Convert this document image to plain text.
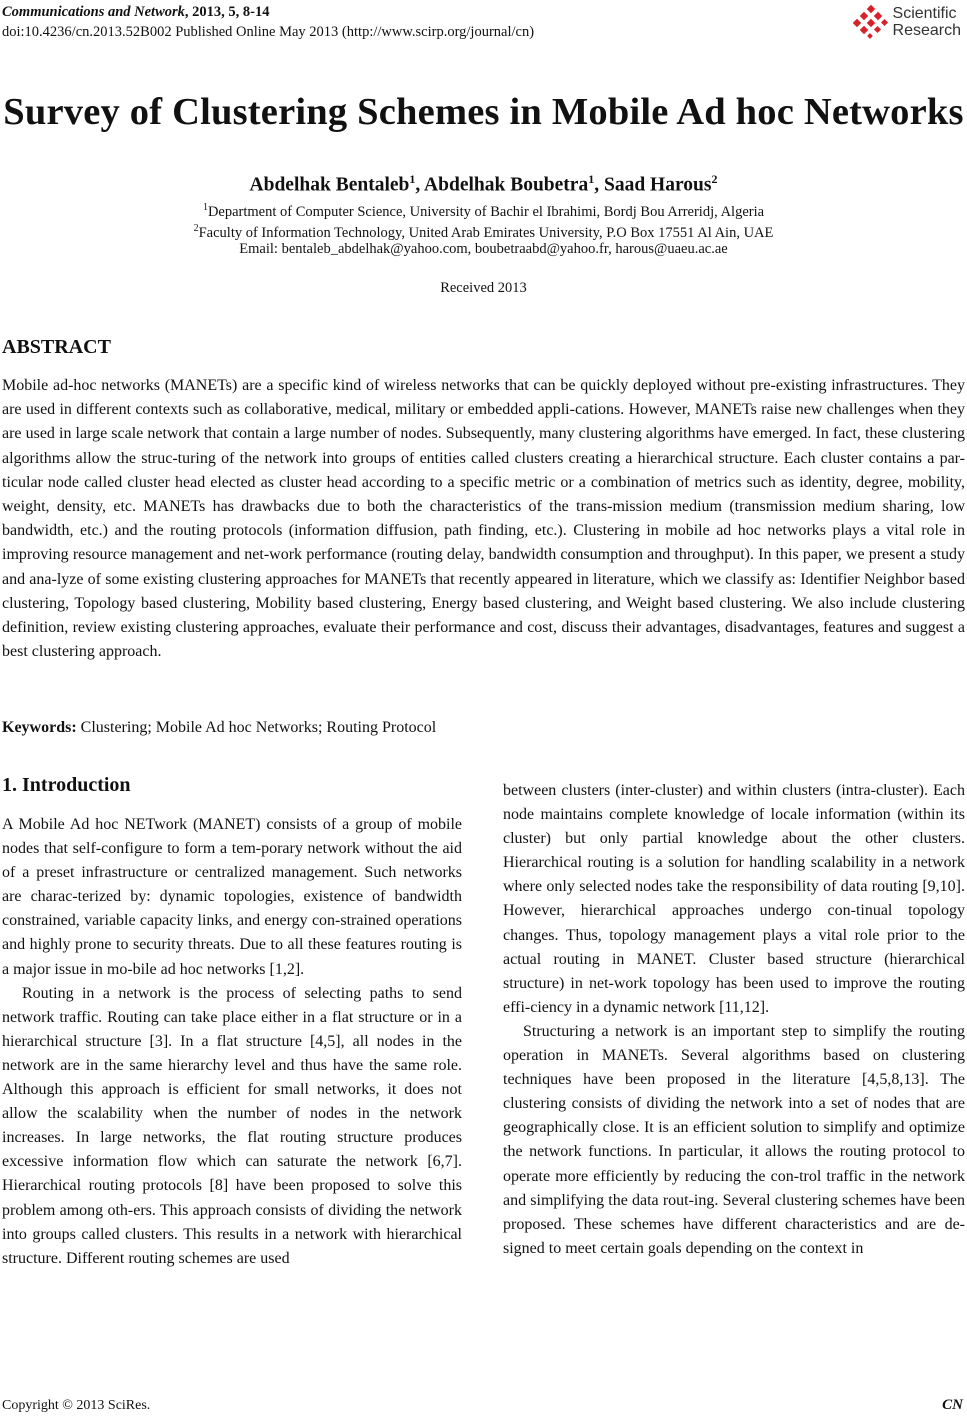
Communications and Network, 2013, 5, 8-14
doi:10.4236/cn.2013.52B002 Published Online May 2013 (http://www.scirp.org/journal/cn)
Scientific
Research
Survey of Clustering Schemes in Mobile Ad hoc Networks
Abdelhak Bentaleb$^1$, Abdelhak Boubetra$^1$, Saad Harous$^2$
$^1$Department of Computer Science, University of Bachir el Ibrahimi, Bordj Bou Arreridj, Algeria
$^2$Faculty of Information Technology, United Arab Emirates University, P.O Box 17551 Al Ain, UAE
Email: bentaleb_abdelhak@yahoo.com, boubetraabd@yahoo.fr, harous@uaeu.ac.ae
Received 2013
ABSTRACT
Mobile ad-hoc networks (MANETs) are a specific kind of wireless networks that can be quickly deployed without pre-existing infrastructures. They are used in different contexts such as collaborative, medical, military or embedded appli-cations. However, MANETs raise new challenges when they are used in large scale network that contain a large number of nodes. Subsequently, many clustering algorithms have emerged. In fact, these clustering algorithms allow the struc-turing of the network into groups of entities called clusters creating a hierarchical structure. Each cluster contains a par-ticular node called cluster head elected as cluster head according to a specific metric or a combination of metrics such as identity, degree, mobility, weight, density, etc. MANETs has drawbacks due to both the characteristics of the trans-mission medium (transmission medium sharing, low bandwidth, etc.) and the routing protocols (information diffusion, path finding, etc.). Clustering in mobile ad hoc networks plays a vital role in improving resource management and net-work performance (routing delay, bandwidth consumption and throughput). In this paper, we present a study and ana-lyze of some existing clustering approaches for MANETs that recently appeared in literature, which we classify as: Identifier Neighbor based clustering, Topology based clustering, Mobility based clustering, Energy based clustering, and Weight based clustering. We also include clustering definition, review existing clustering approaches, evaluate their performance and cost, discuss their advantages, disadvantages, features and suggest a best clustering approach.
Keywords: Clustering; Mobile Ad hoc Networks; Routing Protocol
1. Introduction

A Mobile Ad hoc NETwork (MANET) consists of a group of mobile nodes that self-configure to form a tem-porary network without the aid of a preset infrastructure or centralized management. Such networks are charac-terized by: dynamic topologies, existence of bandwidth constrained, variable capacity links, and energy con-strained operations and highly prone to security threats. Due to all these features routing is a major issue in mo-bile ad hoc networks [1,2].

Routing in a network is the process of selecting paths to send network traffic. Routing can take place either in a flat structure or in a hierarchical structure [3]. In a flat structure [4,5], all nodes in the network are in the same hierarchy level and thus have the same role. Although this approach is efficient for small networks, it does not allow the scalability when the number of nodes in the network increases. In large networks, the flat routing structure produces excessive information flow which can saturate the network [6,7]. Hierarchical routing protocols [8] have been proposed to solve this problem among oth-ers. This approach consists of dividing the network into groups called clusters. This results in a network with hierarchical structure. Different routing schemes are used

between clusters (inter-cluster) and within clusters (intra-cluster). Each node maintains complete knowledge of locale information (within its cluster) but only partial knowledge about the other clusters. Hierarchical routing is a solution for handling scalability in a network where only selected nodes take the responsibility of data routing [9,10]. However, hierarchical approaches undergo con-tinual topology changes. Thus, topology management plays a vital role prior to the actual routing in MANET. Cluster based structure (hierarchical structure) in net-work topology has been used to improve the routing effi-ciency in a dynamic network [11,12].

Structuring a network is an important step to simplify the routing operation in MANETs. Several algorithms based on clustering techniques have been proposed in the literature [4,5,8,13]. The clustering consists of dividing the network into a set of nodes that are geographically close. It is an efficient solution to simplify and optimize the network functions. In particular, it allows the routing protocol to operate more efficiently by reducing the con-trol traffic in the network and simplifying the data rout-ing. Several clustering schemes have been proposed. These schemes have different characteristics and are de-signed to meet certain goals depending on the context in

Copyright © 2013 SciRes.	CN
